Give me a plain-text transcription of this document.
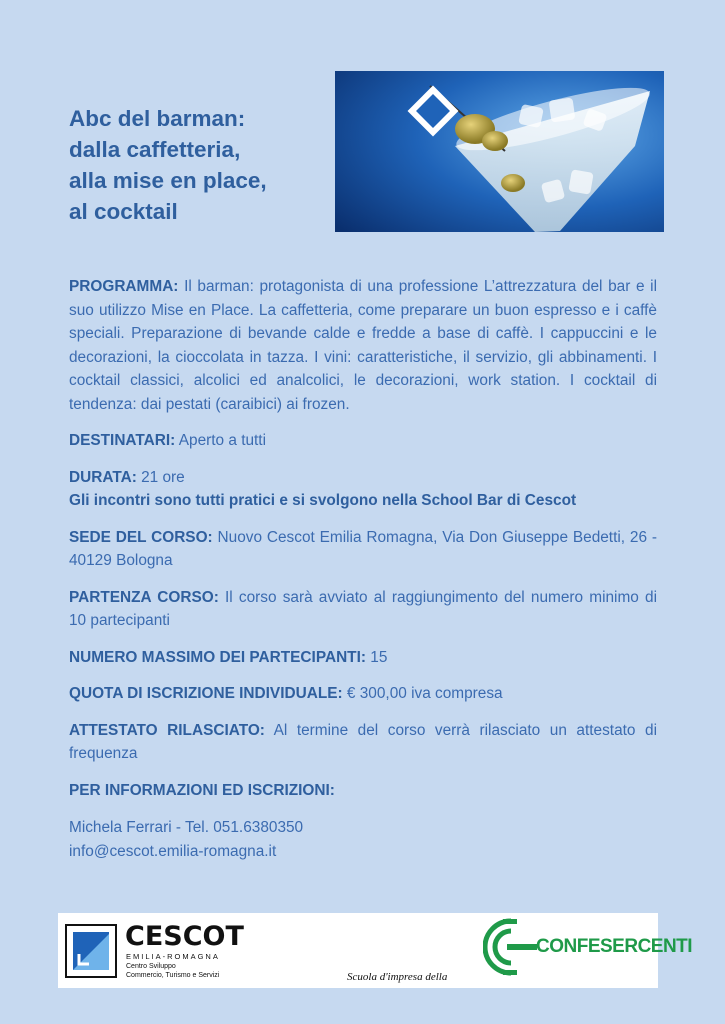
Abc del barman:
dalla caffetteria,
alla mise en place,
al cocktail

PROGRAMMA: Il barman: protagonista di una professione L’attrezzatura del bar e il suo utilizzo Mise en Place. La caffetteria, come preparare un buon espresso e i caffè speciali. Preparazione di bevande calde e fredde a base di caffè. I cappuccini e le decorazioni, la cioccolata in tazza. I vini: caratteristiche, il servizio, gli abbinamenti. I cocktail classici, alcolici ed analcolici, le decorazioni, work station. I cocktail di tendenza: dai pestati (caraibici) ai frozen.

DESTINATARI: Aperto a tutti

DURATA: 21 ore
Gli incontri sono tutti pratici e si svolgono nella School Bar di Cescot

SEDE DEL CORSO: Nuovo Cescot Emilia Romagna, Via Don Giuseppe Bedetti, 26 - 40129 Bologna

PARTENZA CORSO: Il corso sarà avviato al raggiungimento del numero minimo di 10 partecipanti

NUMERO MASSIMO DEI PARTECIPANTI: 15

QUOTA DI ISCRIZIONE INDIVIDUALE: € 300,00 iva compresa

ATTESTATO RILASCIATO: Al termine del corso verrà rilasciato un attestato di frequenza

PER INFORMAZIONI ED ISCRIZIONI:

Michela Ferrari - Tel. 051.6380350
info@cescot.emilia-romagna.it

CESCOT
EMILIA-ROMAGNA
Centro Sviluppo
Commercio, Turismo e Servizi	Scuola d'impresa della
CONFESERCENTI
